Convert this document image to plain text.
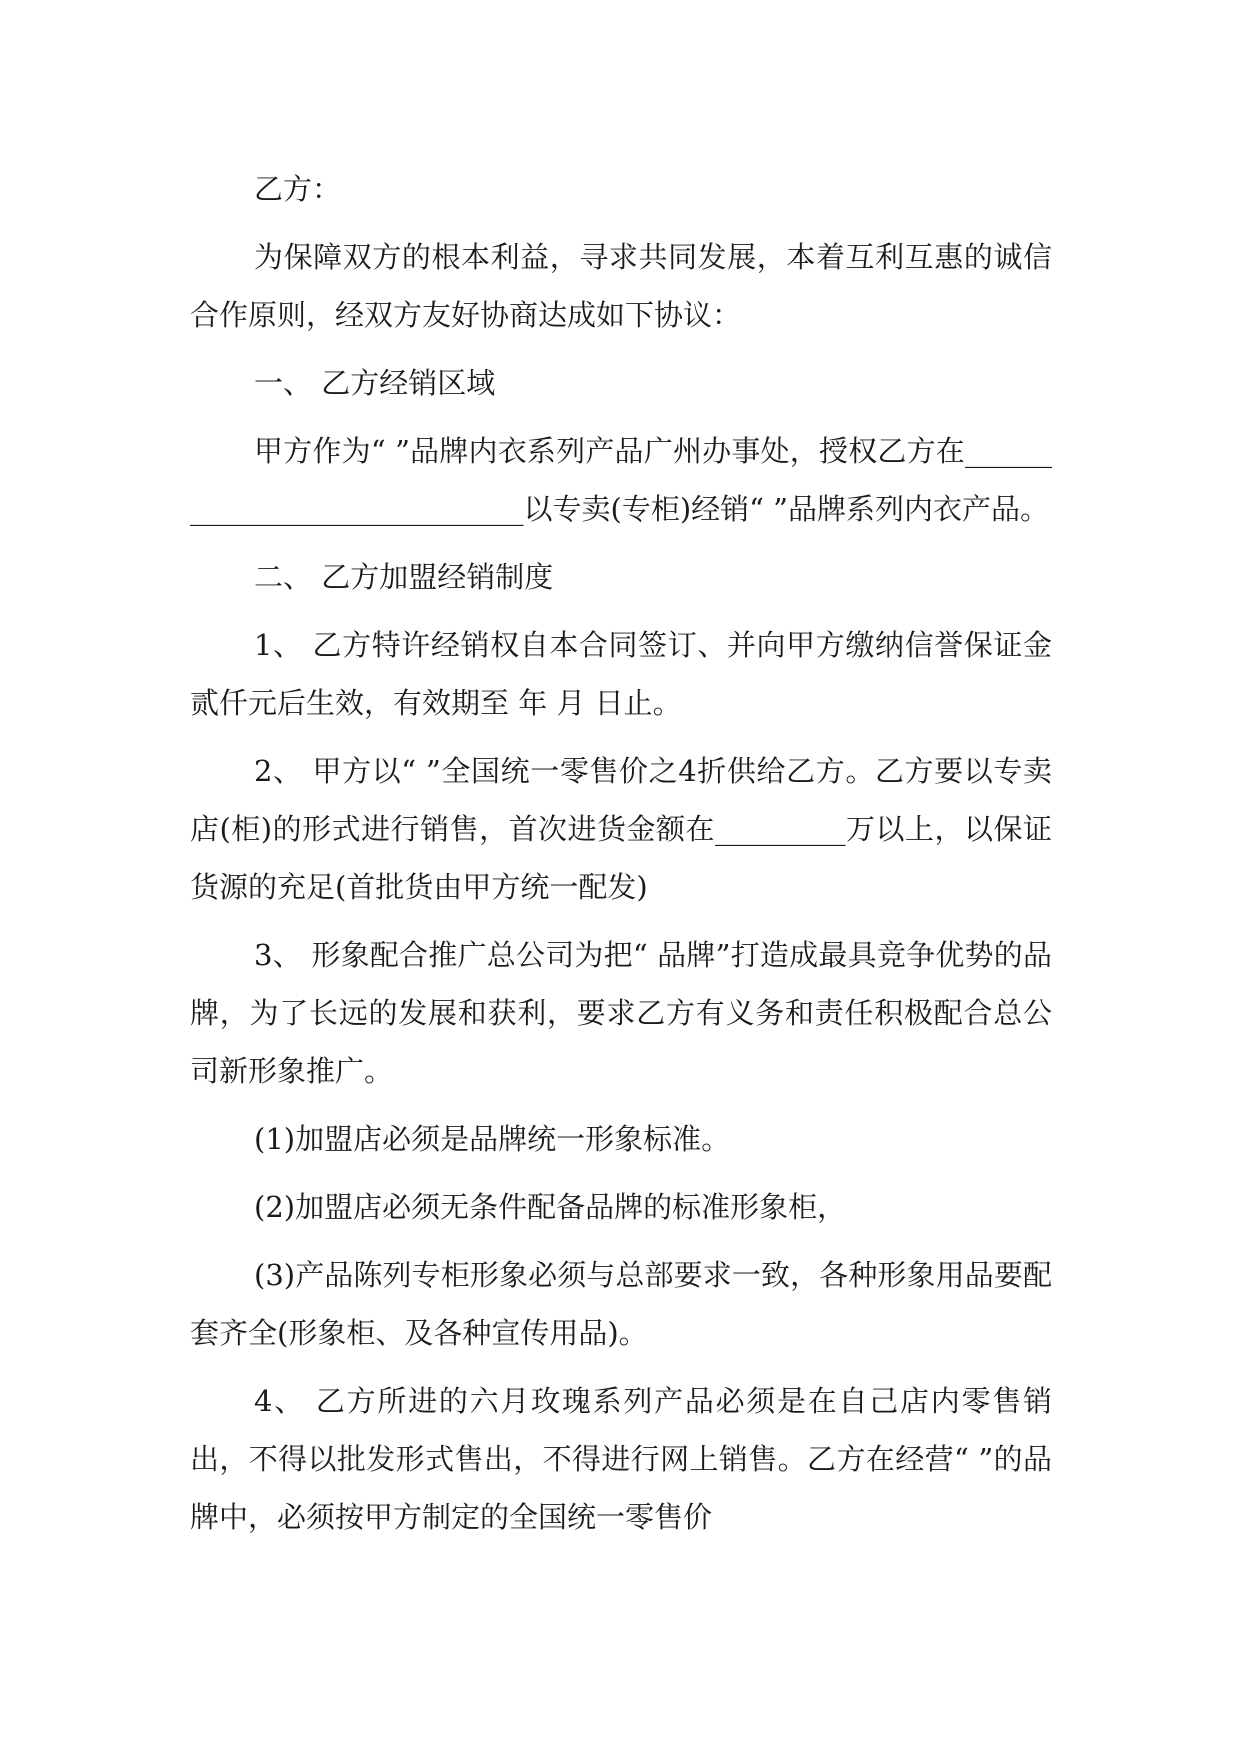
乙方：

为保障双方的根本利益，寻求共同发展，本着互利互惠的诚信合作原则，经双方友好协商达成如下协议：

一、 乙方经销区域

甲方作为“ ”品牌内衣系列产品广州办事处，授权乙方在_____________________________以专卖(专柜)经销“ ”品牌系列内衣产品。

二、 乙方加盟经销制度

1、 乙方特许经销权自本合同签订、并向甲方缴纳信誉保证金贰仟元后生效，有效期至 年 月 日止。

2、 甲方以“ ”全国统一零售价之4折供给乙方。乙方要以专卖店(柜)的形式进行销售，首次进货金额在_________万以上，以保证货源的充足(首批货由甲方统一配发)

3、 形象配合推广总公司为把“ 品牌”打造成最具竞争优势的品牌，为了长远的发展和获利，要求乙方有义务和责任积极配合总公司新形象推广。

(1)加盟店必须是品牌统一形象标准。

(2)加盟店必须无条件配备品牌的标准形象柜，

(3)产品陈列专柜形象必须与总部要求一致，各种形象用品要配套齐全(形象柜、及各种宣传用品)。

4、 乙方所进的六月玫瑰系列产品必须是在自己店内零售销出，不得以批发形式售出，不得进行网上销售。乙方在经营“ ”的品牌中，必须按甲方制定的全国统一零售价
